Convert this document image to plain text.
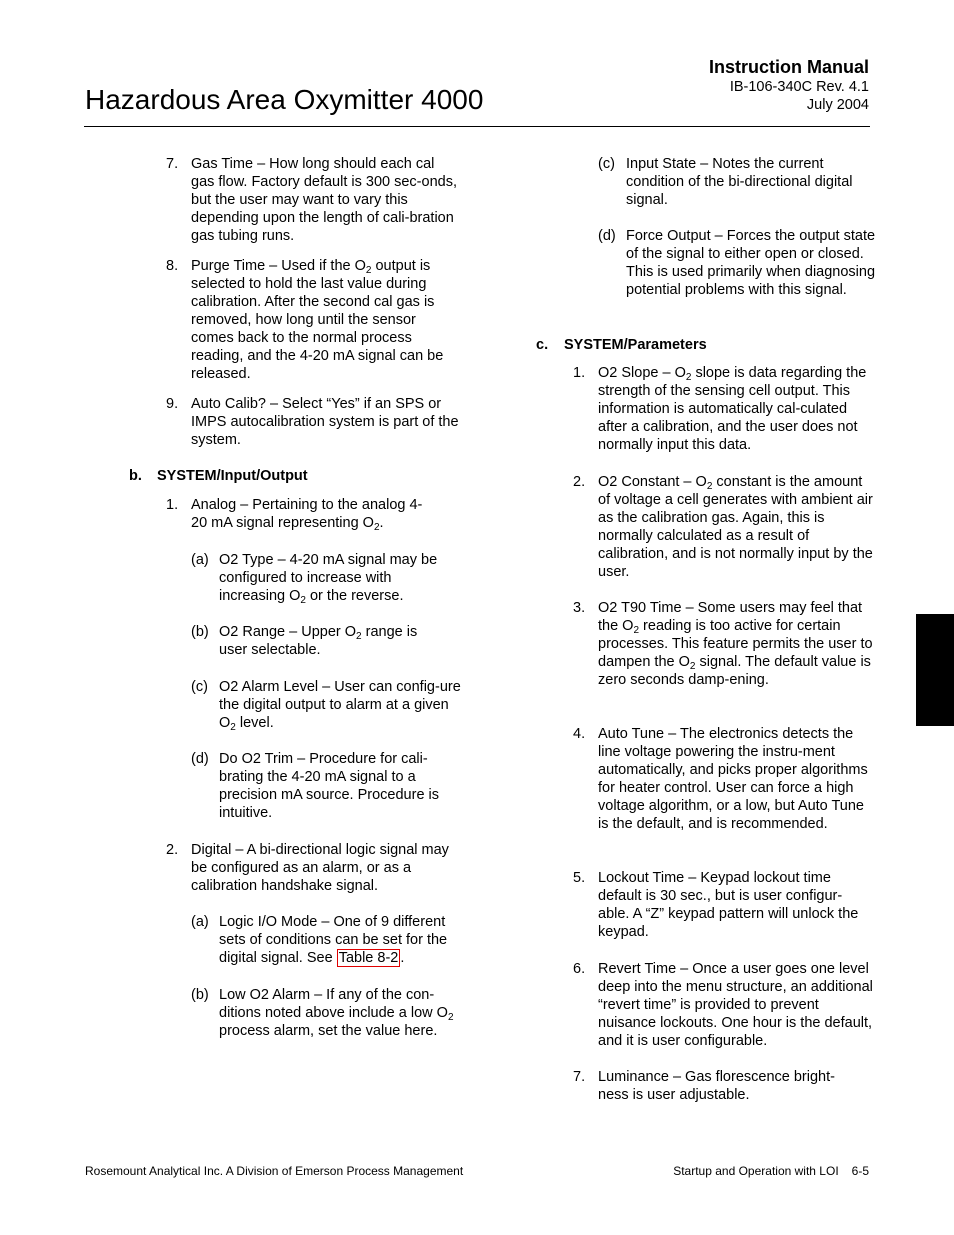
Hazardous Area Oxymitter 4000
Instruction Manual
IB-106-340C Rev. 4.1
July 2004
7. Gas Time – How long should each cal gas flow. Factory default is 300 sec-onds, but the user may want to vary this depending upon the length of cali-bration gas tubing runs.
8. Purge Time – Used if the $O_2$ output is selected to hold the last value during calibration. After the second cal gas is removed, how long until the sensor comes back to the normal process reading, and the 4-20 mA signal can be released.
9. Auto Calib? – Select “Yes” if an SPS or IMPS autocalibration system is part of the system.
b. SYSTEM/Input/Output
1. Analog – Pertaining to the analog 4-20 mA signal representing $O_2$.
(a) O2 Type – 4-20 mA signal may be configured to increase with increasing $O_2$ or the reverse.
(b) O2 Range – Upper $O_2$ range is user selectable.
(c) O2 Alarm Level – User can config-ure the digital output to alarm at a given $O_2$ level.
(d) Do O2 Trim – Procedure for cali-brating the 4-20 mA signal to a precision mA source. Procedure is intuitive.
2. Digital – A bi-directional logic signal may be configured as an alarm, or as a calibration handshake signal.
(a) Logic I/O Mode – One of 9 different sets of conditions can be set for the digital signal. See Table 8-2 .
(b) Low O2 Alarm – If any of the con-ditions noted above include a low $O_2$ process alarm, set the value here.
(c) Input State – Notes the current condition of the bi-directional digital signal.
(d) Force Output – Forces the output state of the signal to either open or closed. This is used primarily when diagnosing potential problems with this signal.
c. SYSTEM/Parameters
1. O2 Slope – $O_2$ slope is data regarding the strength of the sensing cell output. This information is automatically cal-culated after a calibration, and the user does not normally input this data.
2. O2 Constant – $O_2$ constant is the amount of voltage a cell generates with ambient air as the calibration gas. Again, this is normally calculated as a result of calibration, and is not normally input by the user.
3. O2 T90 Time – Some users may feel that the $O_2$ reading is too active for certain processes. This feature permits the user to dampen the $O_2$ signal. The default value is zero seconds damp-ening.
4. Auto Tune – The electronics detects the line voltage powering the instru-ment automatically, and picks proper algorithms for heater control. User can force a high voltage algorithm, or a low, but Auto Tune is the default, and is recommended.
5. Lockout Time – Keypad lockout time default is 30 sec., but is user configur-able. A “Z” keypad pattern will unlock the keypad.
6. Revert Time – Once a user goes one level deep into the menu structure, an additional “revert time” is provided to prevent nuisance lockouts. One hour is the default, and it is user configurable.
7. Luminance – Gas florescence bright-ness is user adjustable.
Rosemount Analytical Inc. A Division of Emerson Process Management	Startup and Operation with LOI 6-5
